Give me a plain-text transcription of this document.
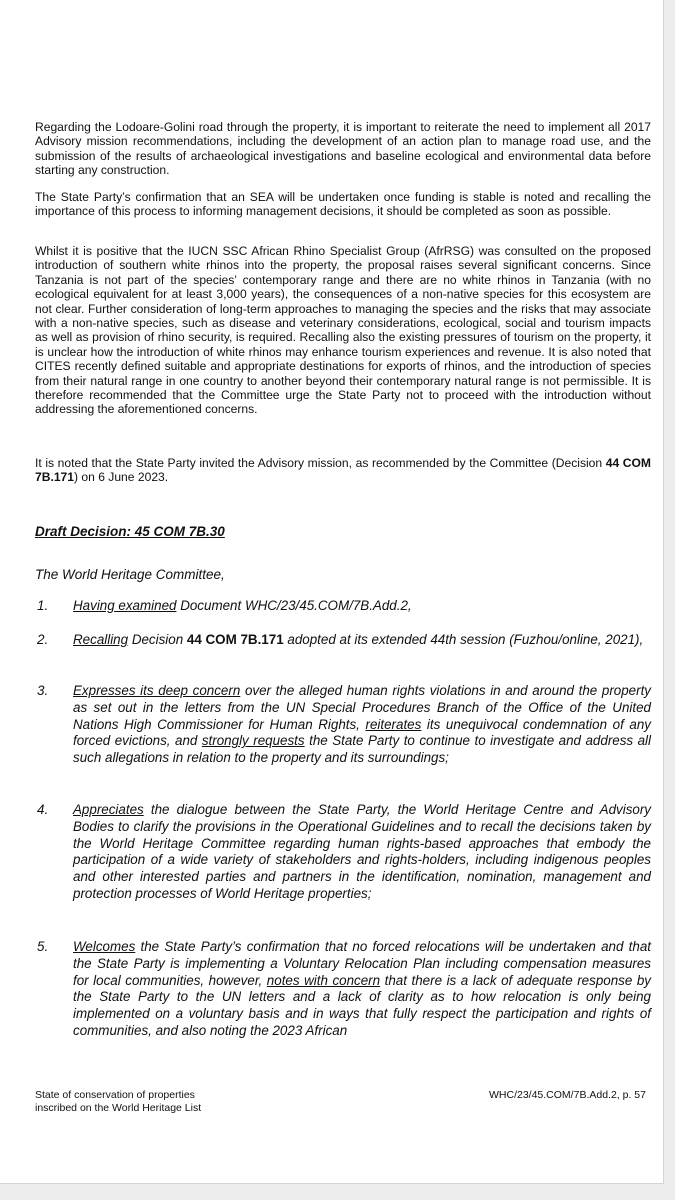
Regarding the Lodoare-Golini road through the property, it is important to reiterate the need to implement all 2017 Advisory mission recommendations, including the development of an action plan to manage road use, and the submission of the results of archaeological investigations and baseline ecological and environmental data before starting any construction.

The State Party’s confirmation that an SEA will be undertaken once funding is stable is noted and recalling the importance of this process to informing management decisions, it should be completed as soon as possible.

Whilst it is positive that the IUCN SSC African Rhino Specialist Group (AfrRSG) was consulted on the proposed introduction of southern white rhinos into the property, the proposal raises several significant concerns. Since Tanzania is not part of the species’ contemporary range and there are no white rhinos in Tanzania (with no ecological equivalent for at least 3,000 years), the consequences of a non-native species for this ecosystem are not clear. Further consideration of long-term approaches to managing the species and the risks that may associate with a non-native species, such as disease and veterinary considerations, ecological, social and tourism impacts as well as provision of rhino security, is required. Recalling also the existing pressures of tourism on the property, it is unclear how the introduction of white rhinos may enhance tourism experiences and revenue. It is also noted that CITES recently defined suitable and appropriate destinations for exports of rhinos, and the introduction of species from their natural range in one country to another beyond their contemporary natural range is not permissible. It is therefore recommended that the Committee urge the State Party not to proceed with the introduction without addressing the aforementioned concerns.

It is noted that the State Party invited the Advisory mission, as recommended by the Committee (Decision 44 COM 7B.171) on 6 June 2023.

Draft Decision: 45 COM 7B.30

The World Heritage Committee,

1. Having examined Document WHC/23/45.COM/7B.Add.2,
2. Recalling Decision 44 COM 7B.171 adopted at its extended 44th session (Fuzhou/online, 2021),
3. Expresses its deep concern over the alleged human rights violations in and around the property as set out in the letters from the UN Special Procedures Branch of the Office of the United Nations High Commissioner for Human Rights, reiterates its unequivocal condemnation of any forced evictions, and strongly requests the State Party to continue to investigate and address all such allegations in relation to the property and its surroundings;
4. Appreciates the dialogue between the State Party, the World Heritage Centre and Advisory Bodies to clarify the provisions in the Operational Guidelines and to recall the decisions taken by the World Heritage Committee regarding human rights-based approaches that embody the participation of a wide variety of stakeholders and rights-holders, including indigenous peoples and other interested parties and partners in the identification, nomination, management and protection processes of World Heritage properties;
5. Welcomes the State Party’s confirmation that no forced relocations will be undertaken and that the State Party is implementing a Voluntary Relocation Plan including compensation measures for local communities, however, notes with concern that there is a lack of adequate response by the State Party to the UN letters and a lack of clarity as to how relocation is only being implemented on a voluntary basis and in ways that fully respect the participation and rights of communities, and also noting the 2023 African
State of conservation of properties
inscribed on the World Heritage List
WHC/23/45.COM/7B.Add.2, p. 57
